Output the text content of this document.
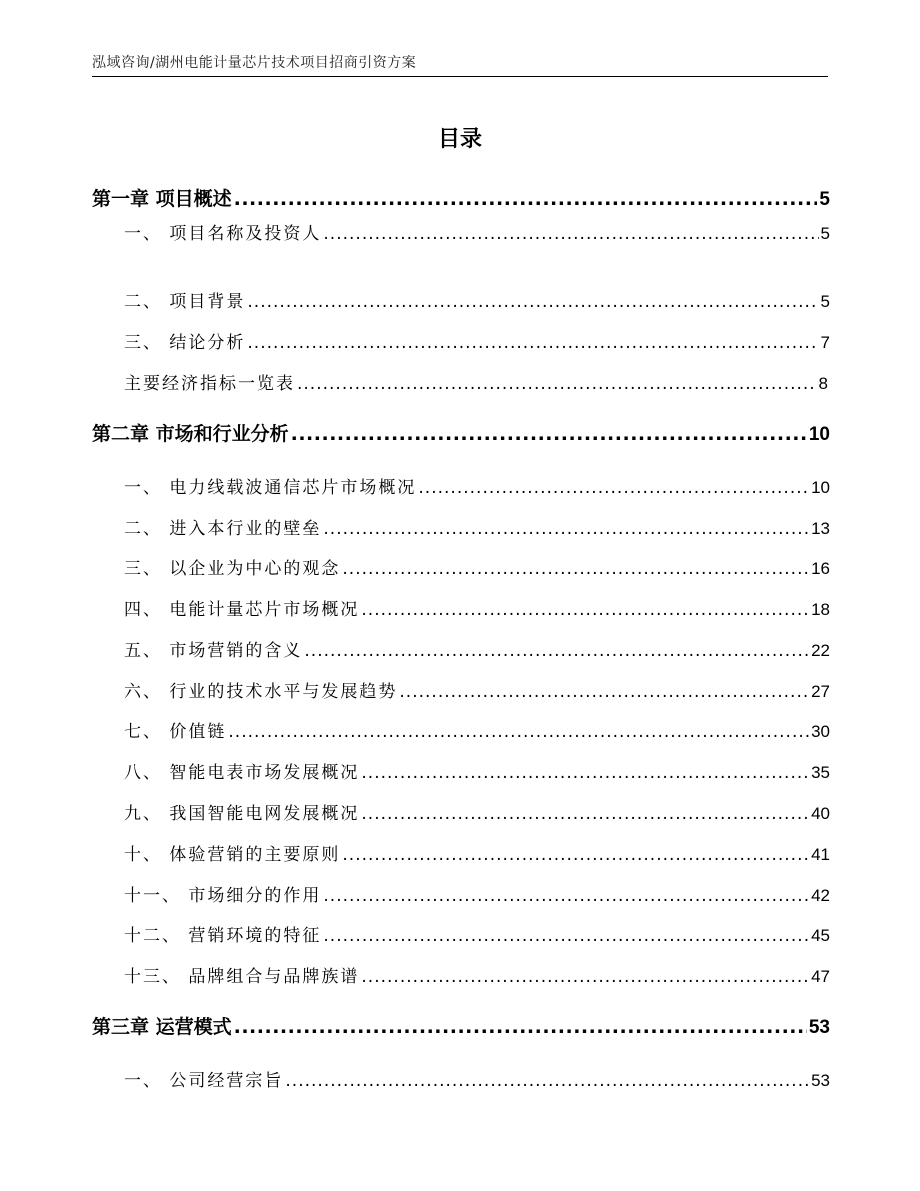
泓域咨询/湖州电能计量芯片技术项目招商引资方案
目录
第一章 项目概述 .....	5
一、 项目名称及投资人 .....	5
二、 项目背景 .....	5
三、 结论分析 .....	7
主要经济指标一览表 .....	8
第二章 市场和行业分析 .....	10
一、 电力线载波通信芯片市场概况 .....	10
二、 进入本行业的壁垒 .....	13
三、 以企业为中心的观念 .....	16
四、 电能计量芯片市场概况 .....	18
五、 市场营销的含义 .....	22
六、 行业的技术水平与发展趋势 .....	27
七、 价值链 .....	30
八、 智能电表市场发展概况 .....	35
九、 我国智能电网发展概况 .....	40
十、 体验营销的主要原则 .....	41
十一、 市场细分的作用 .....	42
十二、 营销环境的特征 .....	45
十三、 品牌组合与品牌族谱 .....	47
第三章 运营模式 .....	53
一、 公司经营宗旨 .....	53
